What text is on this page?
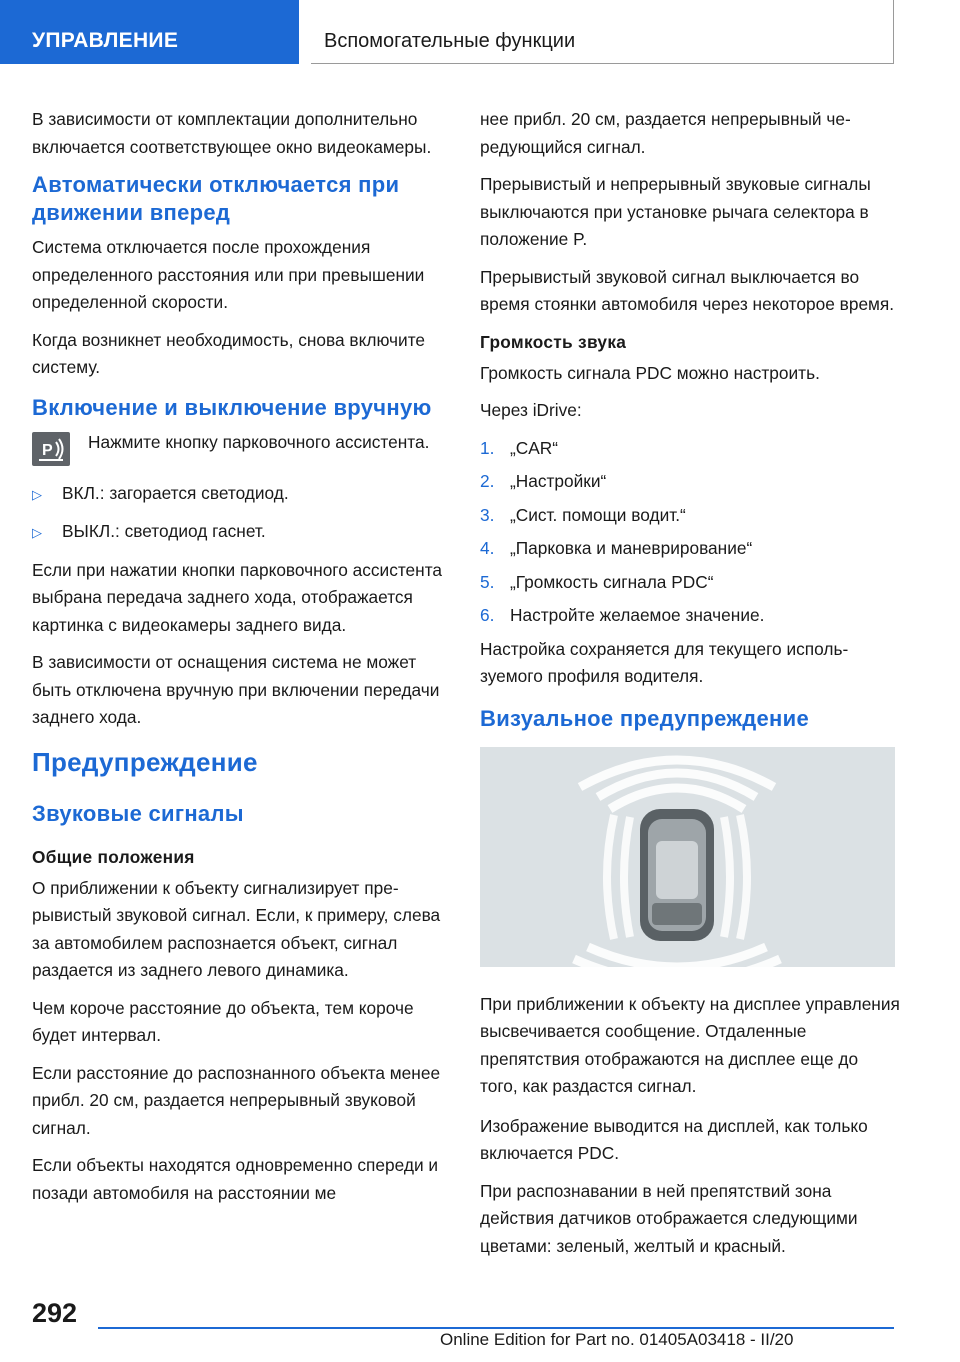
УПРАВЛЕНИЕ	Вспомогательные функции

В зависимости от комплектации дополнительно включается соответствующее окно видеокамеры.

Автоматически отключается при движении вперед

Система отключается после прохождения определенного расстояния или при превышении определенной скорости.

Когда возникнет необходимость, снова включите систему.

Включение и выключение вручную
P	Нажмите кнопку парковочного ассистента.
▷	ВКЛ.: загорается светодиод.
▷	ВЫКЛ.: светодиод гаснет.

Если при нажатии кнопки парковочного ассистента выбрана передача заднего хода, отображается картинка с видеокамеры заднего вида.

В зависимости от оснащения система не может быть отключена вручную при включении передачи заднего хода.

Предупреждение
Звуковые сигналы
Общие положения

О приближении к объекту сигнализирует прерывистый звуковой сигнал. Если, к примеру, слева за автомобилем распознается объект, сигнал раздается из заднего левого динамика.

Чем короче расстояние до объекта, тем короче будет интервал.

Если расстояние до распознанного объекта менее прибл. 20 см, раздается непрерывный звуковой сигнал.

Если объекты находятся одновременно спереди и позади автомобиля на расстоянии ме

нее прибл. 20 см, раздается непрерывный чередующийся сигнал.

Прерывистый и непрерывный звуковые сигналы выключаются при установке рычага селектора в положение P.

Прерывистый звуковой сигнал выключается во время стоянки автомобиля через некоторое время.

Громкость звука

Громкость сигнала PDC можно настроить.

Через iDrive:

1. „CAR“
2. „Настройки“
3. „Сист. помощи водит.“
4. „Парковка и маневрирование“
5. „Громкость сигнала PDC“
6. Настройте желаемое значение.

Настройка сохраняется для текущего используемого профиля водителя.

Визуальное предупреждение

При приближении к объекту на дисплее управления высвечивается сообщение. Отдаленные препятствия отображаются на дисплее еще до того, как раздастся сигнал.

Изображение выводится на дисплей, как только включается PDC.

При распознавании в ней препятствий зона действия датчиков отображается следующими цветами: зеленый, желтый и красный.

292
Online Edition for Part no. 01405A03418 - II/20
